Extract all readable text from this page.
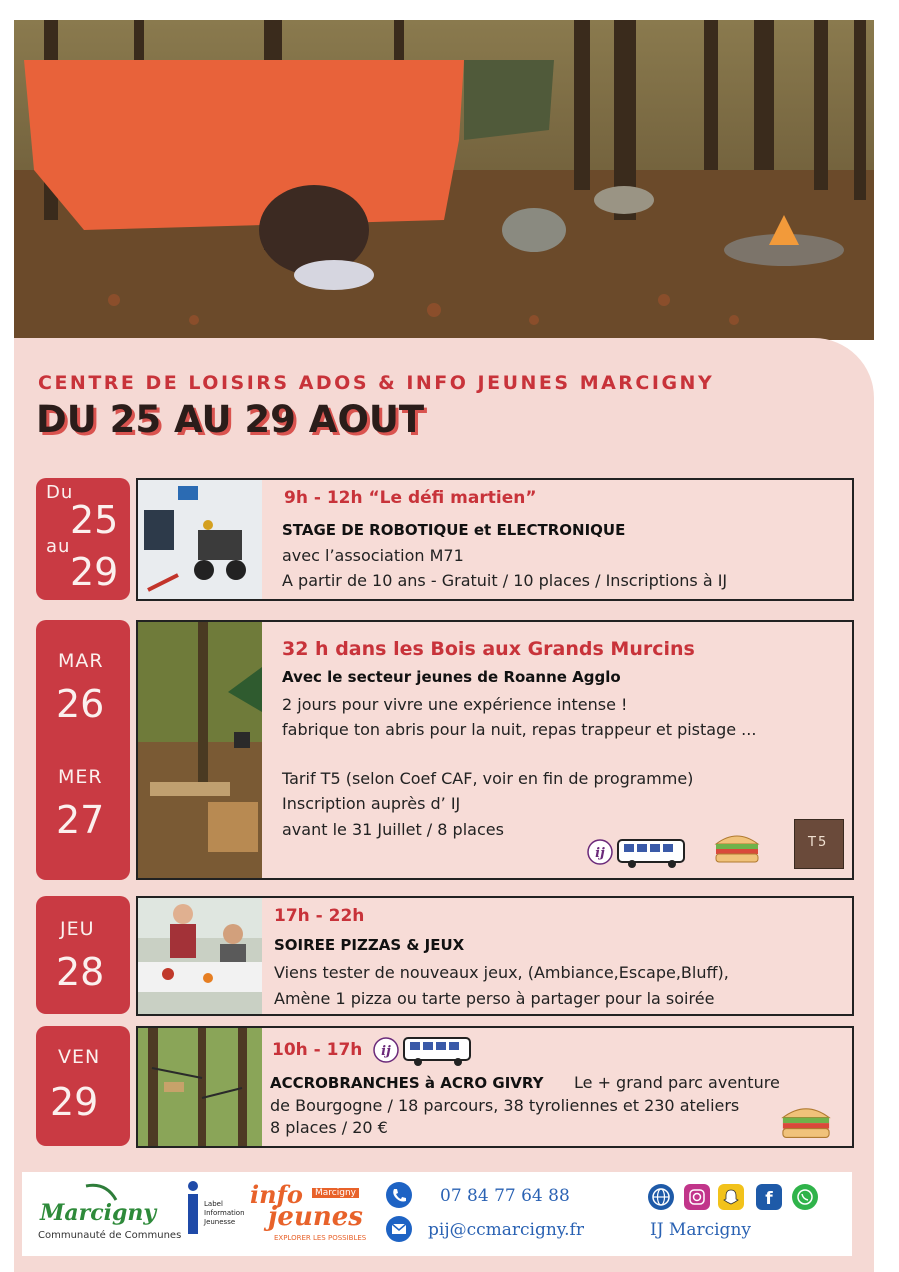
CENTRE DE LOISIRS ADOS & INFO JEUNES MARCIGNY
DU 25 AU 29 AOUT
Du
25
au
29
9h - 12h “Le défi martien”
STAGE DE ROBOTIQUE et ELECTRONIQUE
avec l’association M71
A partir de 10 ans - Gratuit / 10 places / Inscriptions à IJ
MAR
26
MER
27
32 h dans les Bois aux Grands Murcins
Avec le secteur jeunes de Roanne Aggl​o
2 jours pour vivre une expérience intense !
fabrique ton abris pour la nuit, repas trappeur et pistage ...
Tarif T5 (selon Coef CAF, voir en fin de programme)
Inscription auprès d’ IJ
avant le 31 Juillet / 8 places
ij
T5
JEU
28
17h - 22h
SOIREE PIZZAS & JEUX
Viens tester de nouveaux jeux, (Ambiance,Escape,Bluff),
Amène 1 pizza ou tarte perso à partager pour la soirée
VEN
29
10h - 17h
ACCROBRANCHES à ACRO GIVRY Le + grand parc aventure
de Bourgogne / 18 parcours, 38 tyroliennes et 230 ateliers
8 places / 20 €
ij
Marcigny
Communauté de Communes
Label Information Jeunesse
info	Marcigny
jeunes
EXPLORER LES POSSIBLES
07 84 77 64 88
pij@ccmarcigny.fr
f
IJ Marcigny
